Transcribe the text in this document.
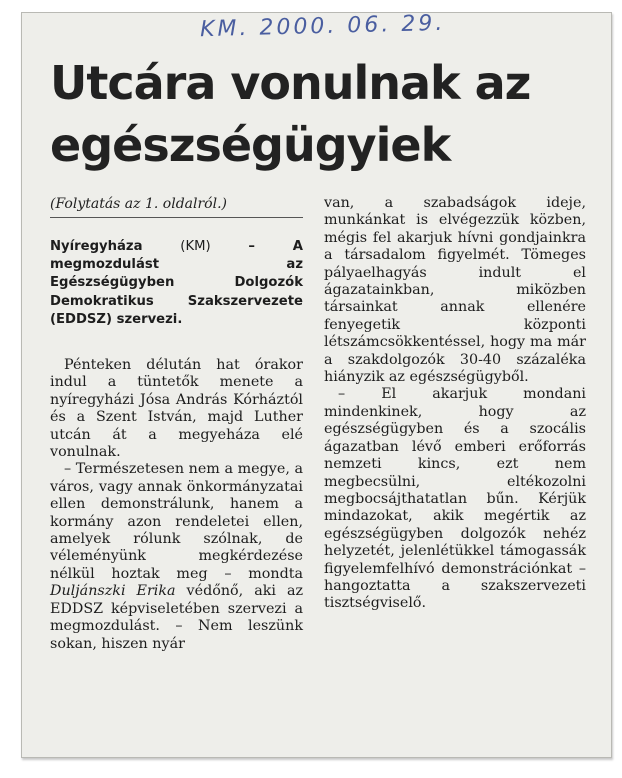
KM. 2000. 06. 29.
Utcára vonulnak az egészségügyiek
(Folytatás az 1. oldalról.)
Nyíregyháza	(KM)	– A megmozdulást az Egészségügyben Dolgozók Demokratikus Szakszervezete (EDDSZ) szervezi.

Pénteken délután hat órakor indul a tüntetők menete a nyíregyházi Jósa András Kórháztól és a Szent István, majd Luther utcán át a megyeháza elé vonulnak.

– Természetesen nem a megye, a város, vagy annak önkormányzatai ellen demonstrálunk, hanem a kormány azon rendeletei ellen, amelyek rólunk szólnak, de véleményünk megkérdezése nélkül hoztak meg – mondta Duljánszki Erika védőnő, aki az EDDSZ képviseletében szervezi a megmozdulást. – Nem leszünk sokan, hiszen nyár

van, a szabadságok ideje, munkánkat is elvégezzük közben, mégis fel akarjuk hívni gondjainkra a társadalom figyelmét. Tömeges pályaelhagyás indult el ágazatainkban, miközben társainkat annak ellenére fenyegetik központi létszámcsökkentéssel, hogy ma már a szakdolgozók 30-40 százaléka hiányzik az egészségügyből.

– El akarjuk mondani mindenkinek, hogy az egészségügyben és a szocális ágazatban lévő emberi erőforrás nemzeti kincs, ezt nem megbecsülni, eltékozolni megbocsájthatatlan bűn. Kérjük mindazokat, akik megértik az egészségügyben dolgozók nehéz helyzetét, jelenlétükkel támogassák figyelemfelhívó demonstrációnkat – hangoztatta a szakszervezeti tisztségviselő.
